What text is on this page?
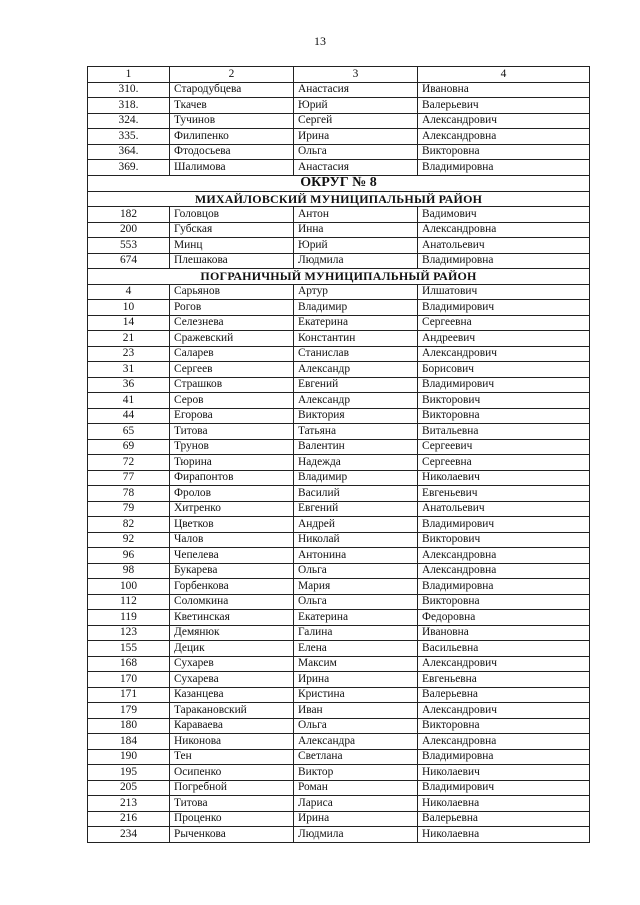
13
1	2	3	4
310.	Стародубцева	Анастасия	Ивановна
318.	Ткачев	Юрий	Валерьевич
324.	Тучинов	Сергей	Александрович
335.	Филипенко	Ирина	Александровна
364.	Фтодосьева	Ольга	Викторовна
369.	Шалимова	Анастасия	Владимировна
ОКРУГ № 8			
МИХАЙЛОВСКИЙ МУНИЦИПАЛЬНЫЙ РАЙОН			
182	Головцов	Антон	Вадимович
200	Губская	Инна	Александровна
553	Минц	Юрий	Анатольевич
674	Плешакова	Людмила	Владимировна
ПОГРАНИЧНЫЙ МУНИЦИПАЛЬНЫЙ РАЙОН			
4	Сарьянов	Артур	Илшатович
10	Рогов	Владимир	Владимирович
14	Селезнева	Екатерина	Сергеевна
21	Сражевский	Константин	Андреевич
23	Саларев	Станислав	Александрович
31	Сергеев	Александр	Борисович
36	Страшков	Евгений	Владимирович
41	Серов	Александр	Викторович
44	Егорова	Виктория	Викторовна
65	Титова	Татьяна	Витальевна
69	Трунов	Валентин	Сергеевич
72	Тюрина	Надежда	Сергеевна
77	Фирапонтов	Владимир	Николаевич
78	Фролов	Василий	Евгеньевич
79	Хитренко	Евгений	Анатольевич
82	Цветков	Андрей	Владимирович
92	Чалов	Николай	Викторович
96	Чепелева	Антонина	Александровна
98	Букарева	Ольга	Александровна
100	Горбенкова	Мария	Владимировна
112	Соломкина	Ольга	Викторовна
119	Кветинская	Екатерина	Федоровна
123	Демянюк	Галина	Ивановна
155	Децик	Елена	Васильевна
168	Сухарев	Максим	Александрович
170	Сухарева	Ирина	Евгеньевна
171	Казанцева	Кристина	Валерьевна
179	Таракановский	Иван	Александрович
180	Караваева	Ольга	Викторовна
184	Никонова	Александра	Александровна
190	Тен	Светлана	Владимировна
195	Осипенко	Виктор	Николаевич
205	Погребной	Роман	Владимирович
213	Титова	Лариса	Николаевна
216	Проценко	Ирина	Валерьевна
234	Рыченкова	Людмила	Николаевна
